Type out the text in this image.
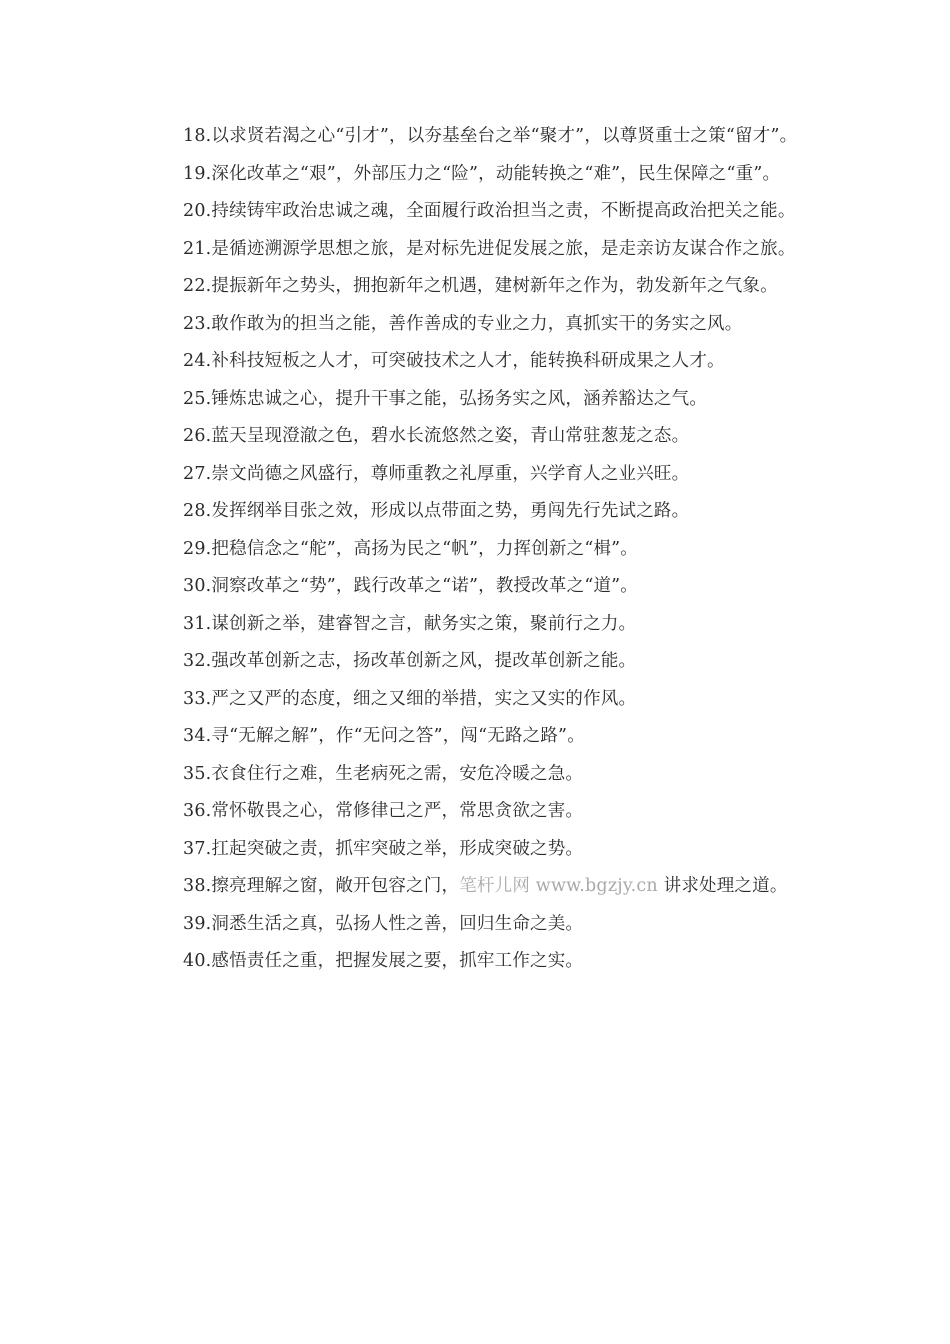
18.以求贤若渴之心“引才”，以夯基垒台之举“聚才”，以尊贤重士之策“留才”。

19.深化改革之“艰”，外部压力之“险”，动能转换之“难”，民生保障之“重”。

20.持续铸牢政治忠诚之魂，全面履行政治担当之责，不断提高政治把关之能。

21.是循迹溯源学思想之旅，是对标先进促发展之旅，是走亲访友谋合作之旅。

22.提振新年之势头，拥抱新年之机遇，建树新年之作为，勃发新年之气象。

23.敢作敢为的担当之能，善作善成的专业之力，真抓实干的务实之风。

24.补科技短板之人才，可突破技术之人才，能转换科研成果之人才。

25.锤炼忠诚之心，提升干事之能，弘扬务实之风，涵养豁达之气。

26.蓝天呈现澄澈之色，碧水长流悠然之姿，青山常驻葱茏之态。

27.崇文尚德之风盛行，尊师重教之礼厚重，兴学育人之业兴旺。

28.发挥纲举目张之效，形成以点带面之势，勇闯先行先试之路。

29.把稳信念之“舵”，高扬为民之“帆”，力挥创新之“楫”。

30.洞察改革之“势”，践行改革之“诺”，教授改革之“道”。

31.谋创新之举，建睿智之言，献务实之策，聚前行之力。

32.强改革创新之志，扬改革创新之风，提改革创新之能。

33.严之又严的态度，细之又细的举措，实之又实的作风。

34.寻“无解之解”，作“无问之答”，闯“无路之路”。

35.衣食住行之难，生老病死之需，安危冷暖之急。

36.常怀敬畏之心，常修律己之严，常思贪欲之害。

37.扛起突破之责，抓牢突破之举，形成突破之势。

38.擦亮理解之窗，敞开包容之门，笔杆儿网 www.bgzjy.cn 讲求处理之道。

39.洞悉生活之真，弘扬人性之善，回归生命之美。

40.感悟责任之重，把握发展之要，抓牢工作之实。
